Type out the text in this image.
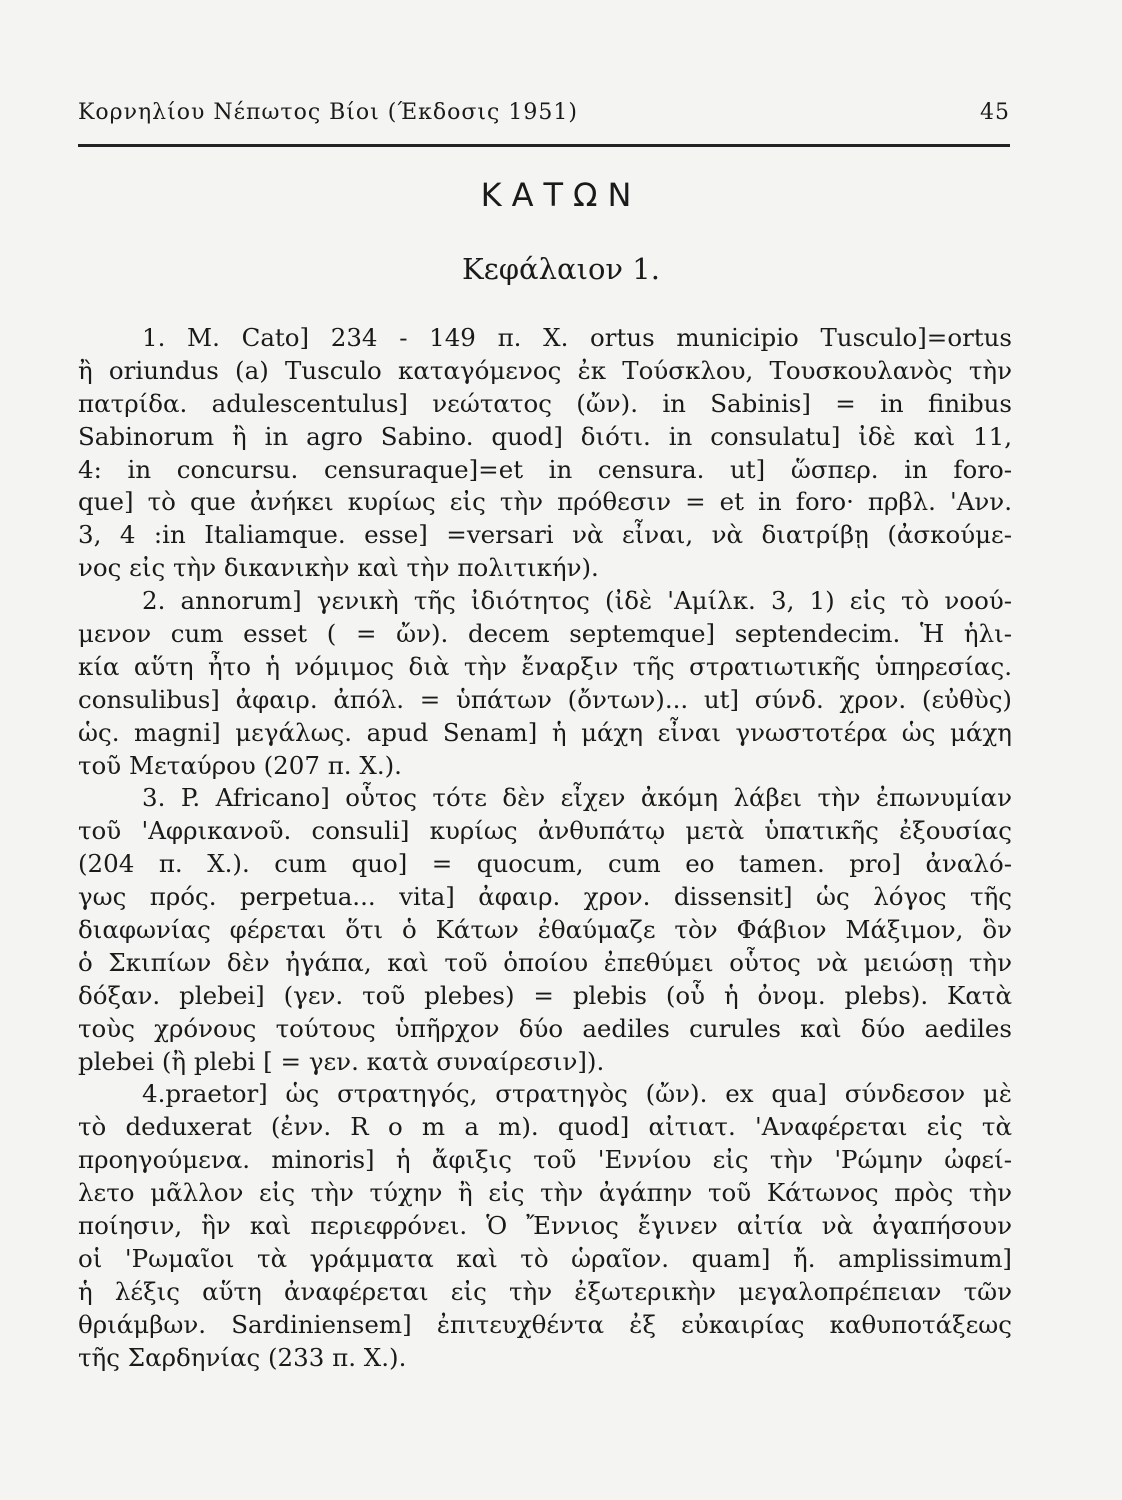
Κορνηλίου Νέπωτος Βίοι (Έκδοσις 1951)	45
ΚΑΤΩΝ
Κεφάλαιον 1.
1. M. Cato] 234 - 149 π. X. ortus municipio Tusculo]=ortus
ἢ oriundus (a) Tusculo καταγόμενος ἐκ Τούσκλου, Τουσκουλανὸς τὴν
πατρίδα. adulescentulus] νεώτατος (ὤν). in Sabinis] = in finibus
Sabinorum ἢ in agro Sabino. quod] διότι. in consulatu] ἰδὲ καὶ 11,
4: in concursu. censuraque]=et in censura. ut] ὥσπερ. in foro-
que] τὸ que ἀνήκει κυρίως εἰς τὴν πρόθεσιν = et in foro· πρβλ. 'Ανν.
3, 4 :in Italiamque. esse] =versari νὰ εἶναι, νὰ διατρίβῃ (ἀσκούμε-
νος εἰς τὴν δικανικὴν καὶ τὴν πολιτικήν).
2. annorum] γενικὴ τῆς ἰδιότητος (ἰδὲ 'Αμίλκ. 3, 1) εἰς τὸ νοού-
μενον cum esset ( = ὤν). decem septemque] septendecim. Ἡ ἡλι-
κία αὕτη ἦτο ἡ νόμιμος διὰ τὴν ἔναρξιν τῆς στρατιωτικῆς ὑπηρεσίας.
consulibus] ἀφαιρ. ἀπόλ. = ὑπάτων (ὄντων)... ut] σύνδ. χρον. (εὐθὺς)
ὡς. magni] μεγάλως. apud Senam] ἡ μάχη εἶναι γνωστοτέρα ὡς μάχη
τοῦ Μεταύρου (207 π. X.).
3. P. Africano] οὗτος τότε δὲν εἶχεν ἀκόμη λάβει τὴν ἐπωνυμίαν
τοῦ 'Αφρικανοῦ. consuli] κυρίως ἀνθυπάτῳ μετὰ ὑπατικῆς ἐξουσίας
(204 π. X.). cum quo] = quocum, cum eo tamen. pro] ἀναλό-
γως πρός. perpetua... vita] ἀφαιρ. χρον. dissensit] ὡς λόγος τῆς
διαφωνίας φέρεται ὅτι ὁ Κάτων ἐθαύμαζε τὸν Φάβιον Μάξιμον, ὃν
ὁ Σκιπίων δὲν ἠγάπα, καὶ τοῦ ὁποίου ἐπεθύμει οὗτος νὰ μειώσῃ τὴν
δόξαν. plebei] (γεν. τοῦ plebes) = plebis (οὗ ἡ ὀνομ. plebs). Κατὰ
τοὺς χρόνους τούτους ὑπῆρχον δύο aediles curules καὶ δύο aediles
plebei (ἢ plebi [ = γεν. κατὰ συναίρεσιν]).
4.praetor] ὡς στρατηγός, στρατηγὸς (ὤν). ex qua] σύνδεσον μὲ
τὸ deduxerat (ἐνν. R o m a m). quod] αἰτιατ. 'Αναφέρεται εἰς τὰ
προηγούμενα. minoris] ἡ ἄφιξις τοῦ 'Εννίου εἰς τὴν 'Ρώμην ὠφεί-
λετο μᾶλλον εἰς τὴν τύχην ἢ εἰς τὴν ἀγάπην τοῦ Κάτωνος πρὸς τὴν
ποίησιν, ἣν καὶ περιεφρόνει. Ὁ Ἔννιος ἔγινεν αἰτία νὰ ἀγαπήσουν
οἱ 'Ρωμαῖοι τὰ γράμματα καὶ τὸ ὡραῖον. quam] ἤ. amplissimum]
ἡ λέξις αὕτη ἀναφέρεται εἰς τὴν ἐξωτερικὴν μεγαλοπρέπειαν τῶν
θριάμβων. Sardiniensem] ἐπιτευχθέντα ἐξ εὐκαιρίας καθυποτάξεως
τῆς Σαρδηνίας (233 π. X.).
